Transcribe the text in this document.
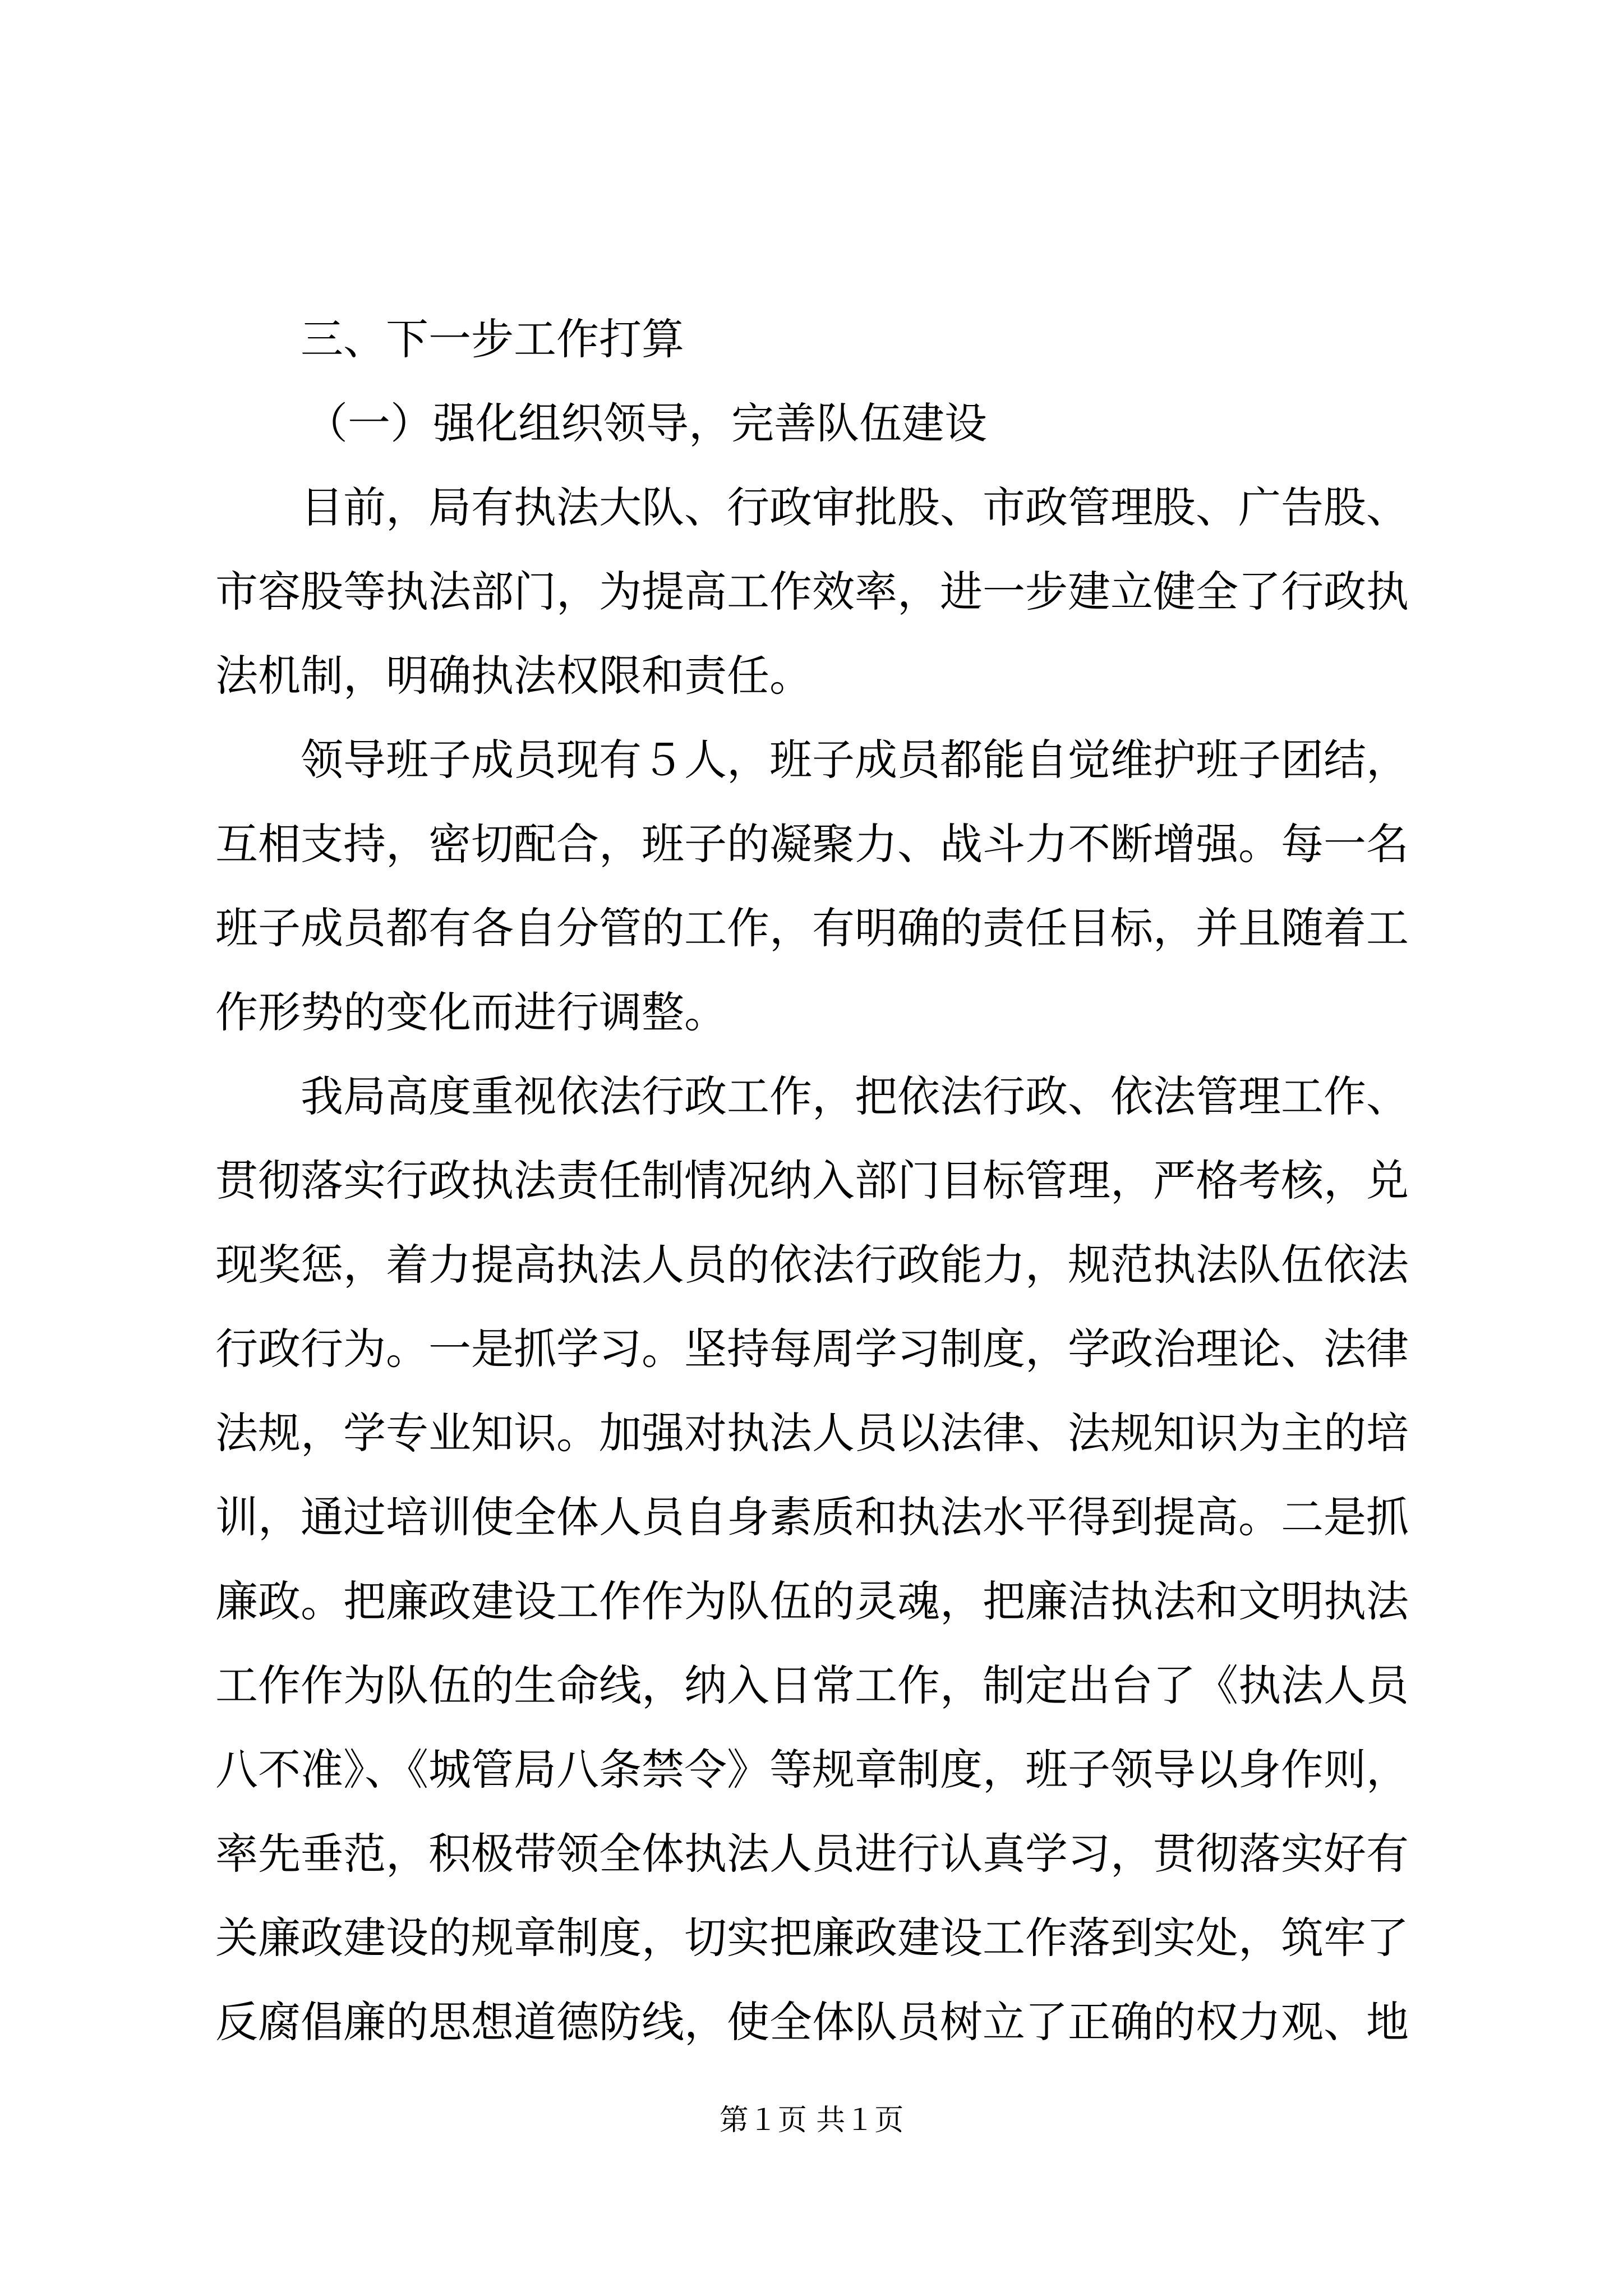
三、下一步工作打算
（一）强化组织领导，完善队伍建设
目前，局有执法大队、行政审批股、市政管理股、广告股、
市容股等执法部门，为提高工作效率，进一步建立健全了行政执
法机制，明确执法权限和责任。
领导班子成员现有５人，班子成员都能自觉维护班子团结，
互相支持，密切配合，班子的凝聚力、战斗力不断增强。每一名
班子成员都有各自分管的工作，有明确的责任目标，并且随着工
作形势的变化而进行调整。
我局高度重视依法行政工作，把依法行政、依法管理工作、
贯彻落实行政执法责任制情况纳入部门目标管理，严格考核，兑
现奖惩，着力提高执法人员的依法行政能力，规范执法队伍依法
行政行为。一是抓学习。坚持每周学习制度，学政治理论、法律
法规，学专业知识。加强对执法人员以法律、法规知识为主的培
训，通过培训使全体人员自身素质和执法水平得到提高。二是抓
廉政。把廉政建设工作作为队伍的灵魂，把廉洁执法和文明执法
工作作为队伍的生命线，纳入日常工作，制定出台了《执法人员
八不准》、《城管局八条禁令》等规章制度，班子领导以身作则，
率先垂范，积极带领全体执法人员进行认真学习，贯彻落实好有
关廉政建设的规章制度，切实把廉政建设工作落到实处，筑牢了
反腐倡廉的思想道德防线，使全体队员树立了正确的权力观、地
第１页 共１页
